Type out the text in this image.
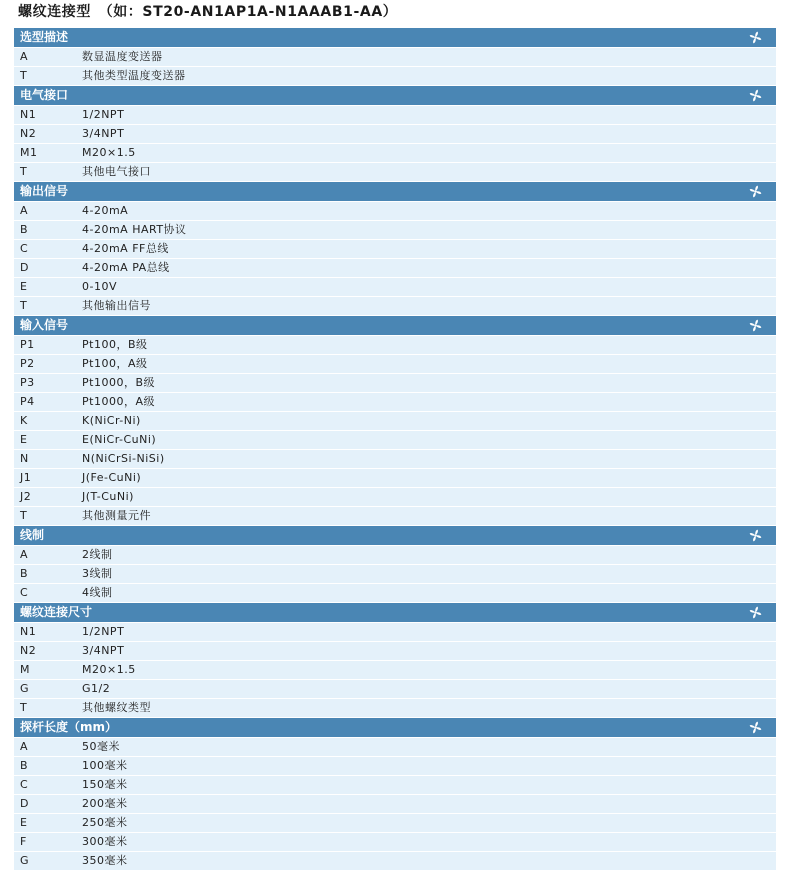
螺纹连接型　（如：ST20-AN1AP1A-N1AAAB1-AA）
选型描述
A	数显温度变送器
T	其他类型温度变送器
电气接口
N1	1/2NPT
N2	3/4NPT
M1	M20×1.5
T	其他电气接口
输出信号
A	4-20mA
B	4-20mA HART协议
C	4-20mA FF总线
D	4-20mA PA总线
E	0-10V
T	其他输出信号
输入信号
P1	Pt100，B级
P2	Pt100，A级
P3	Pt1000，B级
P4	Pt1000，A级
K	K(NiCr-Ni)
E	E(NiCr-CuNi)
N	N(NiCrSi-NiSi)
J1	J(Fe-CuNi)
J2	J(T-CuNi)
T	其他测量元件
线制
A	2线制
B	3线制
C	4线制
螺纹连接尺寸
N1	1/2NPT
N2	3/4NPT
M	M20×1.5
G	G1/2
T	其他螺纹类型
探杆长度（mm）
A	50毫米
B	100毫米
C	150毫米
D	200毫米
E	250毫米
F	300毫米
G	350毫米
